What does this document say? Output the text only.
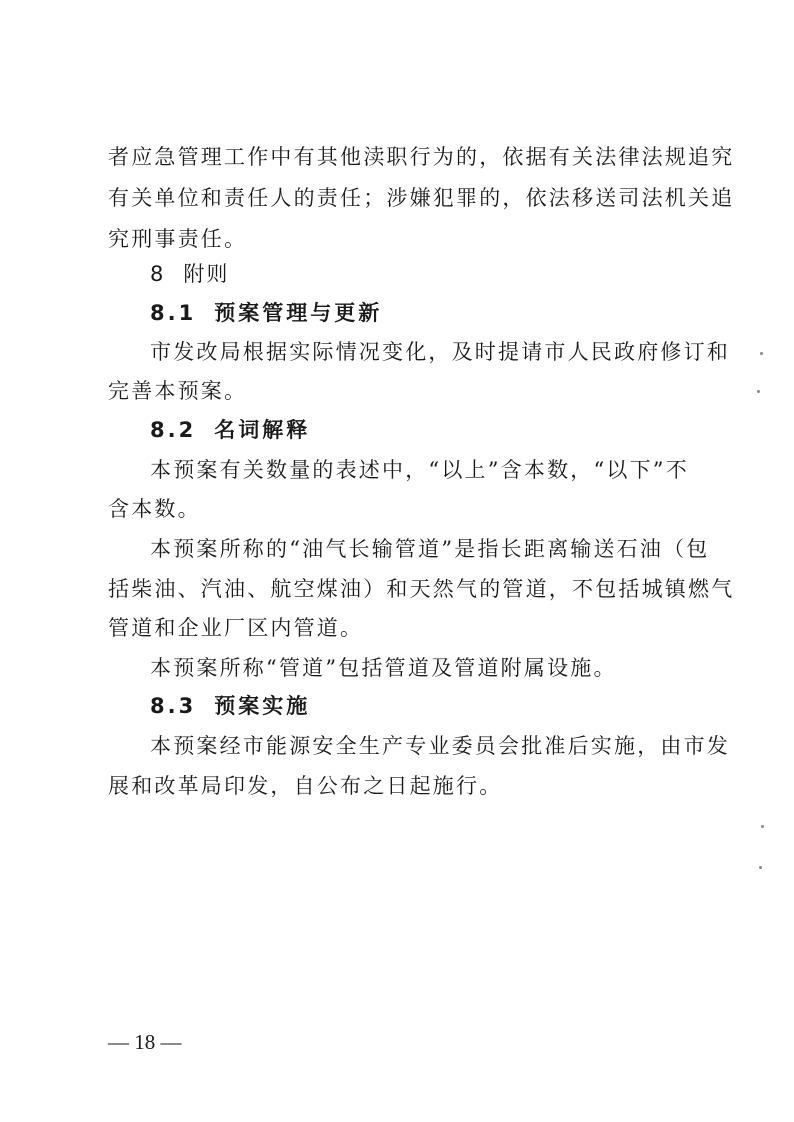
者应急管理工作中有其他渎职行为的，依据有关法律法规追究
有关单位和责任人的责任；涉嫌犯罪的，依法移送司法机关追
究刑事责任。
8 附则
8.1 预案管理与更新
市发改局根据实际情况变化，及时提请市人民政府修订和
完善本预案。
8.2 名词解释
本预案有关数量的表述中，“以上”含本数，“以下”不
含本数。
本预案所称的“油气长输管道”是指长距离输送石油（包
括柴油、汽油、航空煤油）和天然气的管道，不包括城镇燃气
管道和企业厂区内管道。
本预案所称“管道”包括管道及管道附属设施。
8.3 预案实施
本预案经市能源安全生产专业委员会批准后实施，由市发
展和改革局印发，自公布之日起施行。
— 18 —
